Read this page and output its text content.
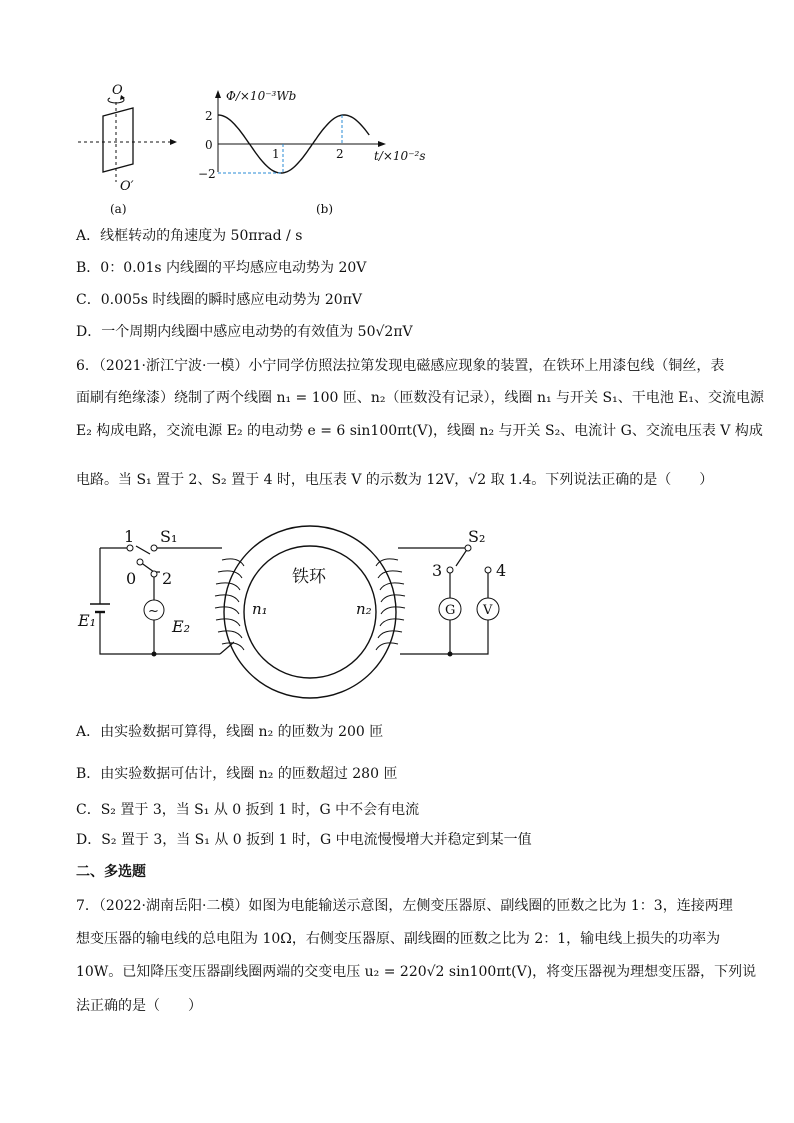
O
O′
(a)
Φ/×10⁻³Wb
t/×10⁻²s
2
0
−2
1	2
(b)
A．线框转动的角速度为 50πrad / s
B．0：0.01s 内线圈的平均感应电动势为 20V
C．0.005s 时线圈的瞬时感应电动势为 20πV
D．一个周期内线圈中感应电动势的有效值为 50√2πV
6．（2021·浙江宁波·一模）小宁同学仿照法拉第发现电磁感应现象的装置，在铁环上用漆包线（铜丝，表
面刷有绝缘漆）绕制了两个线圈 n₁ = 100 匝、n₂（匝数没有记录），线圈 n₁ 与开关 S₁、干电池 E₁、交流电源
E₂ 构成电路，交流电源 E₂ 的电动势 e = 6 sin100πt(V)，线圈 n₂ 与开关 S₂、电流计 G、交流电压表 V 构成
电路。当 S₁ 置于 2、S₂ 置于 4 时，电压表 V 的示数为 12V，√2 取 1.4。下列说法正确的是（　　）
铁环
n₁	n₂
~
1
0 2
S₁
E₁	E₂
G V
S₂
3	4
A．由实验数据可算得，线圈 n₂ 的匝数为 200 匝
B．由实验数据可估计，线圈 n₂ 的匝数超过 280 匝
C．S₂ 置于 3，当 S₁ 从 0 扳到 1 时，G 中不会有电流
D．S₂ 置于 3，当 S₁ 从 0 扳到 1 时，G 中电流慢慢增大并稳定到某一值
二、多选题
7．（2022·湖南岳阳·二模）如图为电能输送示意图，左侧变压器原、副线圈的匝数之比为 1：3，连接两理
想变压器的输电线的总电阻为 10Ω，右侧变压器原、副线圈的匝数之比为 2：1，输电线上损失的功率为
10W。已知降压变压器副线圈两端的交变电压 u₂ = 220√2 sin100πt(V)，将变压器视为理想变压器，下列说
法正确的是（　　）
